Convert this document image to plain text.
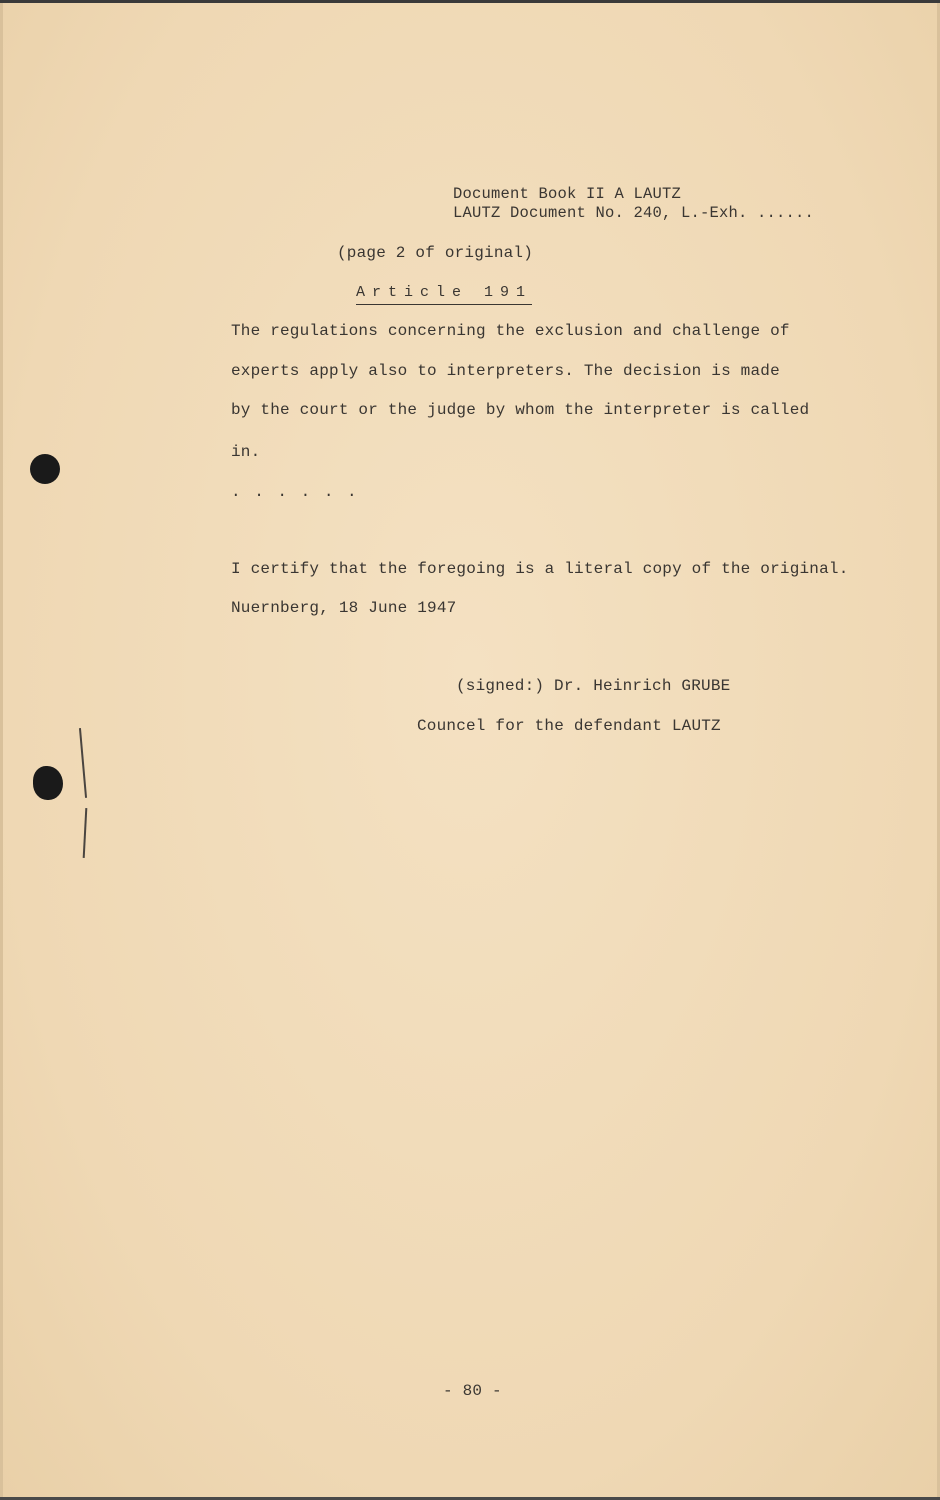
Document Book II A LAUTZ
LAUTZ Document No. 240, L.-Exh. ......
(page 2 of original)
Article 191
The regulations concerning the exclusion and challenge of
experts apply also to interpreters. The decision is made
by the court or the judge by whom the interpreter is called
in.
. . . . . .
I certify that the foregoing is a literal copy of the original.
Nuernberg, 18 June 1947
(signed:) Dr. Heinrich GRUBE
Councel for the defendant LAUTZ
- 80 -
